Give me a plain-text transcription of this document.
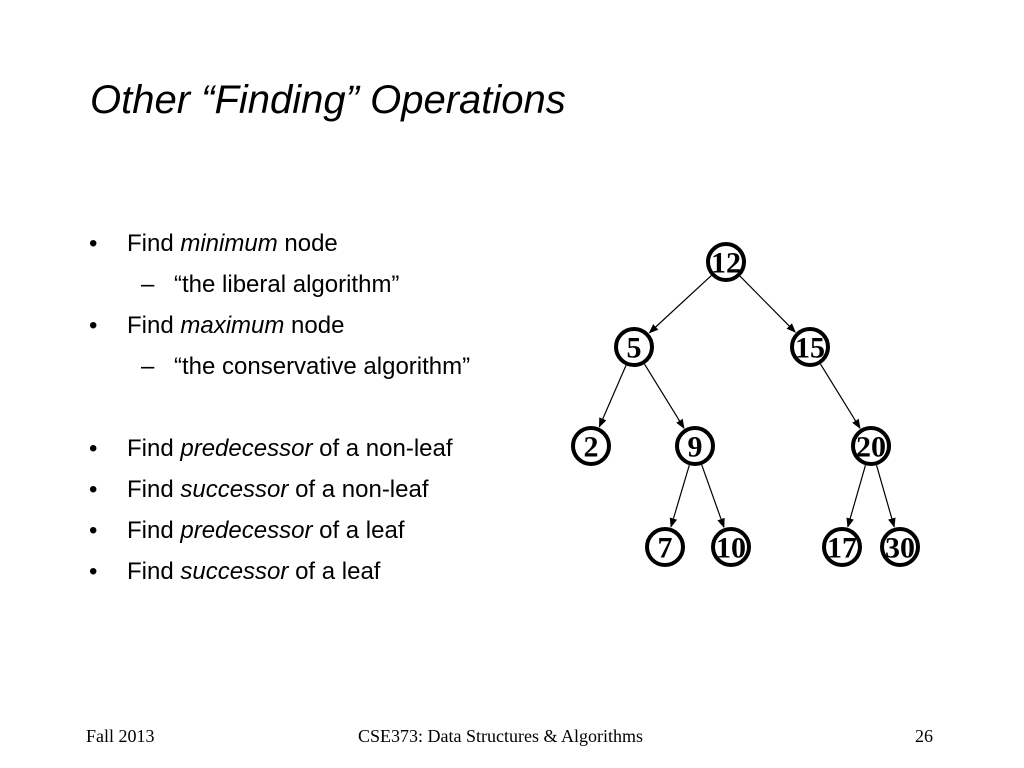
Other “Finding” Operations
• Find minimum node
– “the liberal algorithm”
• Find maximum node
– “the conservative algorithm”
• Find predecessor of a non-leaf
• Find successor of a non-leaf
• Find predecessor of a leaf
• Find successor of a leaf
12
5	15
2	9	20
7 10	17 30
Fall 2013	CSE373: Data Structures & Algorithms	26
